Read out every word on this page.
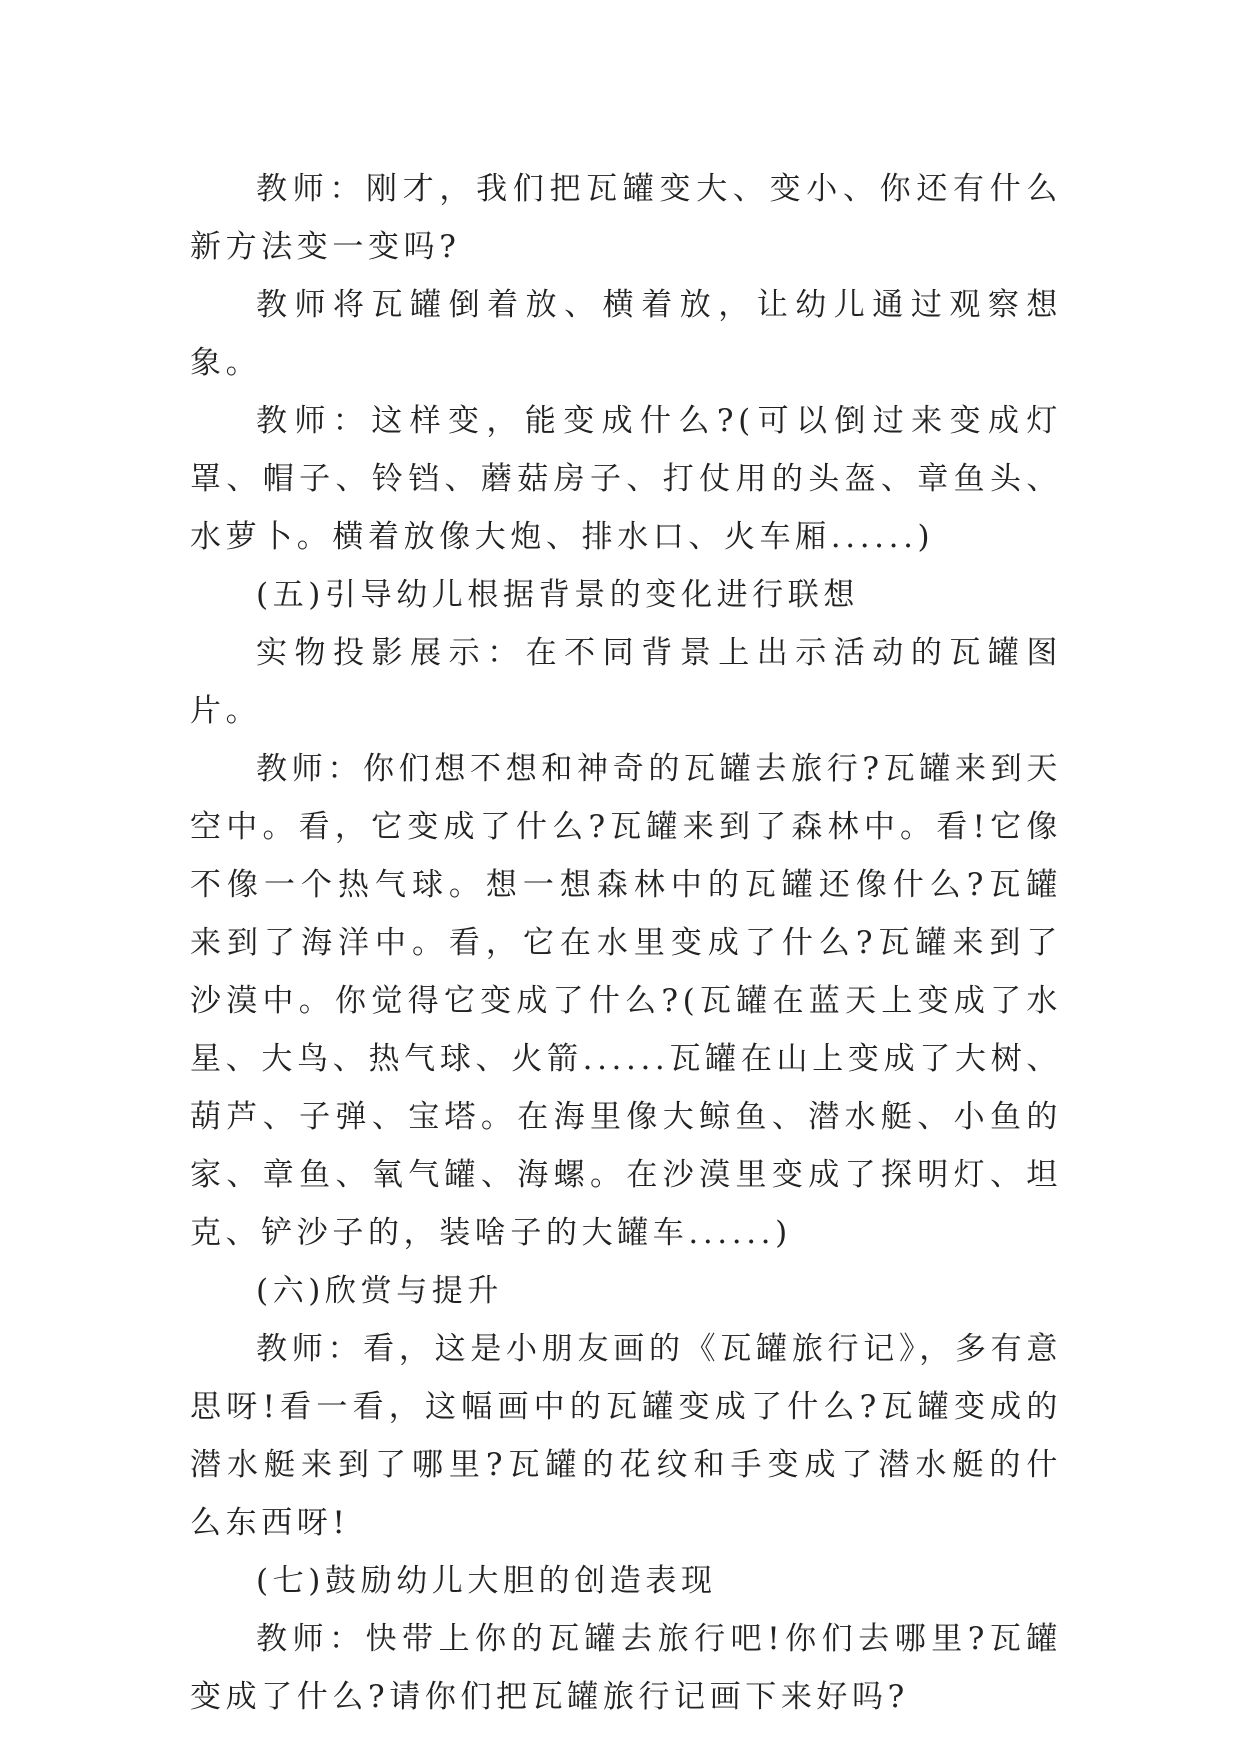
教师：刚才，我们把瓦罐变大、变小、你还有什么新方法变一变吗?

教师将瓦罐倒着放、横着放，让幼儿通过观察想象。

教师：这样变，能变成什么?(可以倒过来变成灯罩、帽子、铃铛、蘑菇房子、打仗用的头盔、章鱼头、水萝卜。横着放像大炮、排水口、火车厢......)

(五)引导幼儿根据背景的变化进行联想

实物投影展示：在不同背景上出示活动的瓦罐图片。

教师：你们想不想和神奇的瓦罐去旅行?瓦罐来到天空中。看，它变成了什么?瓦罐来到了森林中。看!它像不像一个热气球。想一想森林中的瓦罐还像什么?瓦罐来到了海洋中。看，它在水里变成了什么?瓦罐来到了沙漠中。你觉得它变成了什么?(瓦罐在蓝天上变成了水星、大鸟、热气球、火箭......瓦罐在山上变成了大树、葫芦、子弹、宝塔。在海里像大鲸鱼、潜水艇、小鱼的家、章鱼、氧气罐、海螺。在沙漠里变成了探明灯、坦克、铲沙子的，装啥子的大罐车......)

(六)欣赏与提升

教师：看，这是小朋友画的《瓦罐旅行记》，多有意思呀!看一看，这幅画中的瓦罐变成了什么?瓦罐变成的潜水艇来到了哪里?瓦罐的花纹和手变成了潜水艇的什么东西呀!

(七)鼓励幼儿大胆的创造表现

教师：快带上你的瓦罐去旅行吧!你们去哪里?瓦罐变成了什么?请你们把瓦罐旅行记画下来好吗?
